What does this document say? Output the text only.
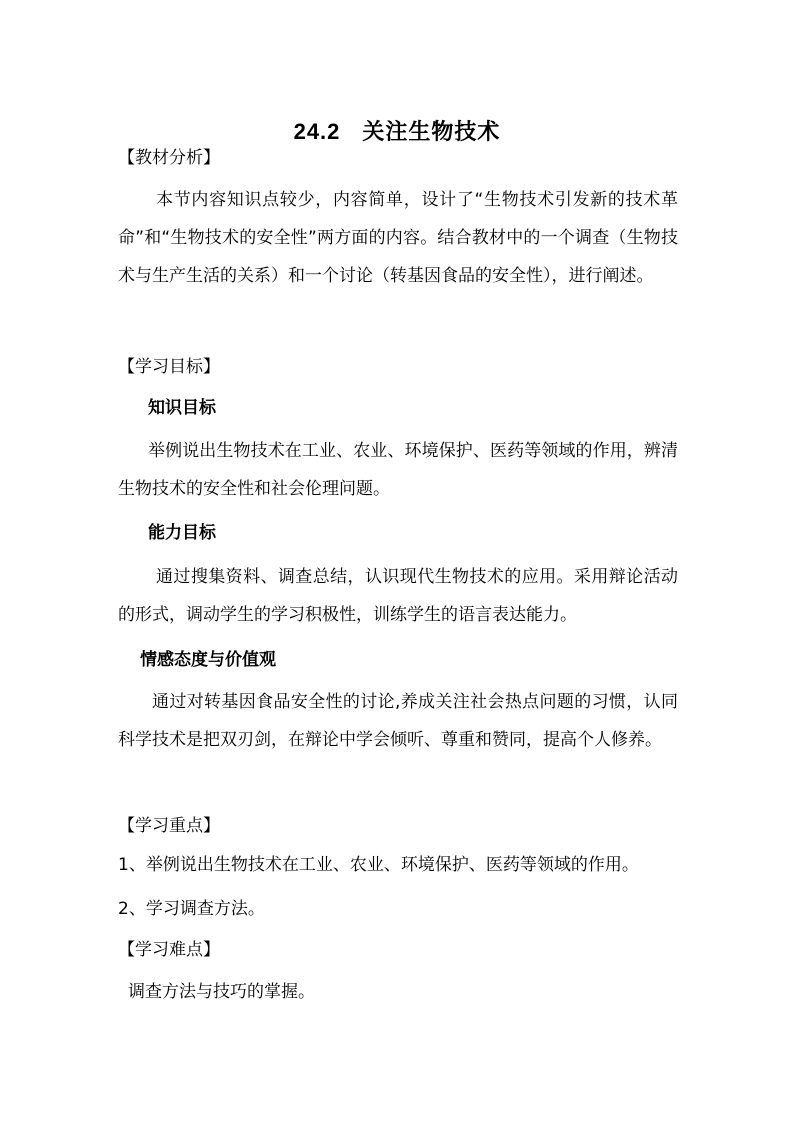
24.2 关注生物技术

【教材分析】

本节内容知识点较少，内容简单，设计了“生物技术引发新的技术革命”和“生物技术的安全性”两方面的内容。结合教材中的一个调查（生物技术与生产生活的关系）和一个讨论（转基因食品的安全性），进行阐述。

【学习目标】

知识目标

举例说出生物技术在工业、农业、环境保护、医药等领域的作用，辨清生物技术的安全性和社会伦理问题。

能力目标

通过搜集资料、调查总结，认识现代生物技术的应用。采用辩论活动的形式，调动学生的学习积极性，训练学生的语言表达能力。

情感态度与价值观

通过对转基因食品安全性的讨论,养成关注社会热点问题的习惯，认同科学技术是把双刃剑，在辩论中学会倾听、尊重和赞同，提高个人修养。

【学习重点】

1、举例说出生物技术在工业、农业、环境保护、医药等领域的作用。

2、学习调查方法。

【学习难点】

调查方法与技巧的掌握。
